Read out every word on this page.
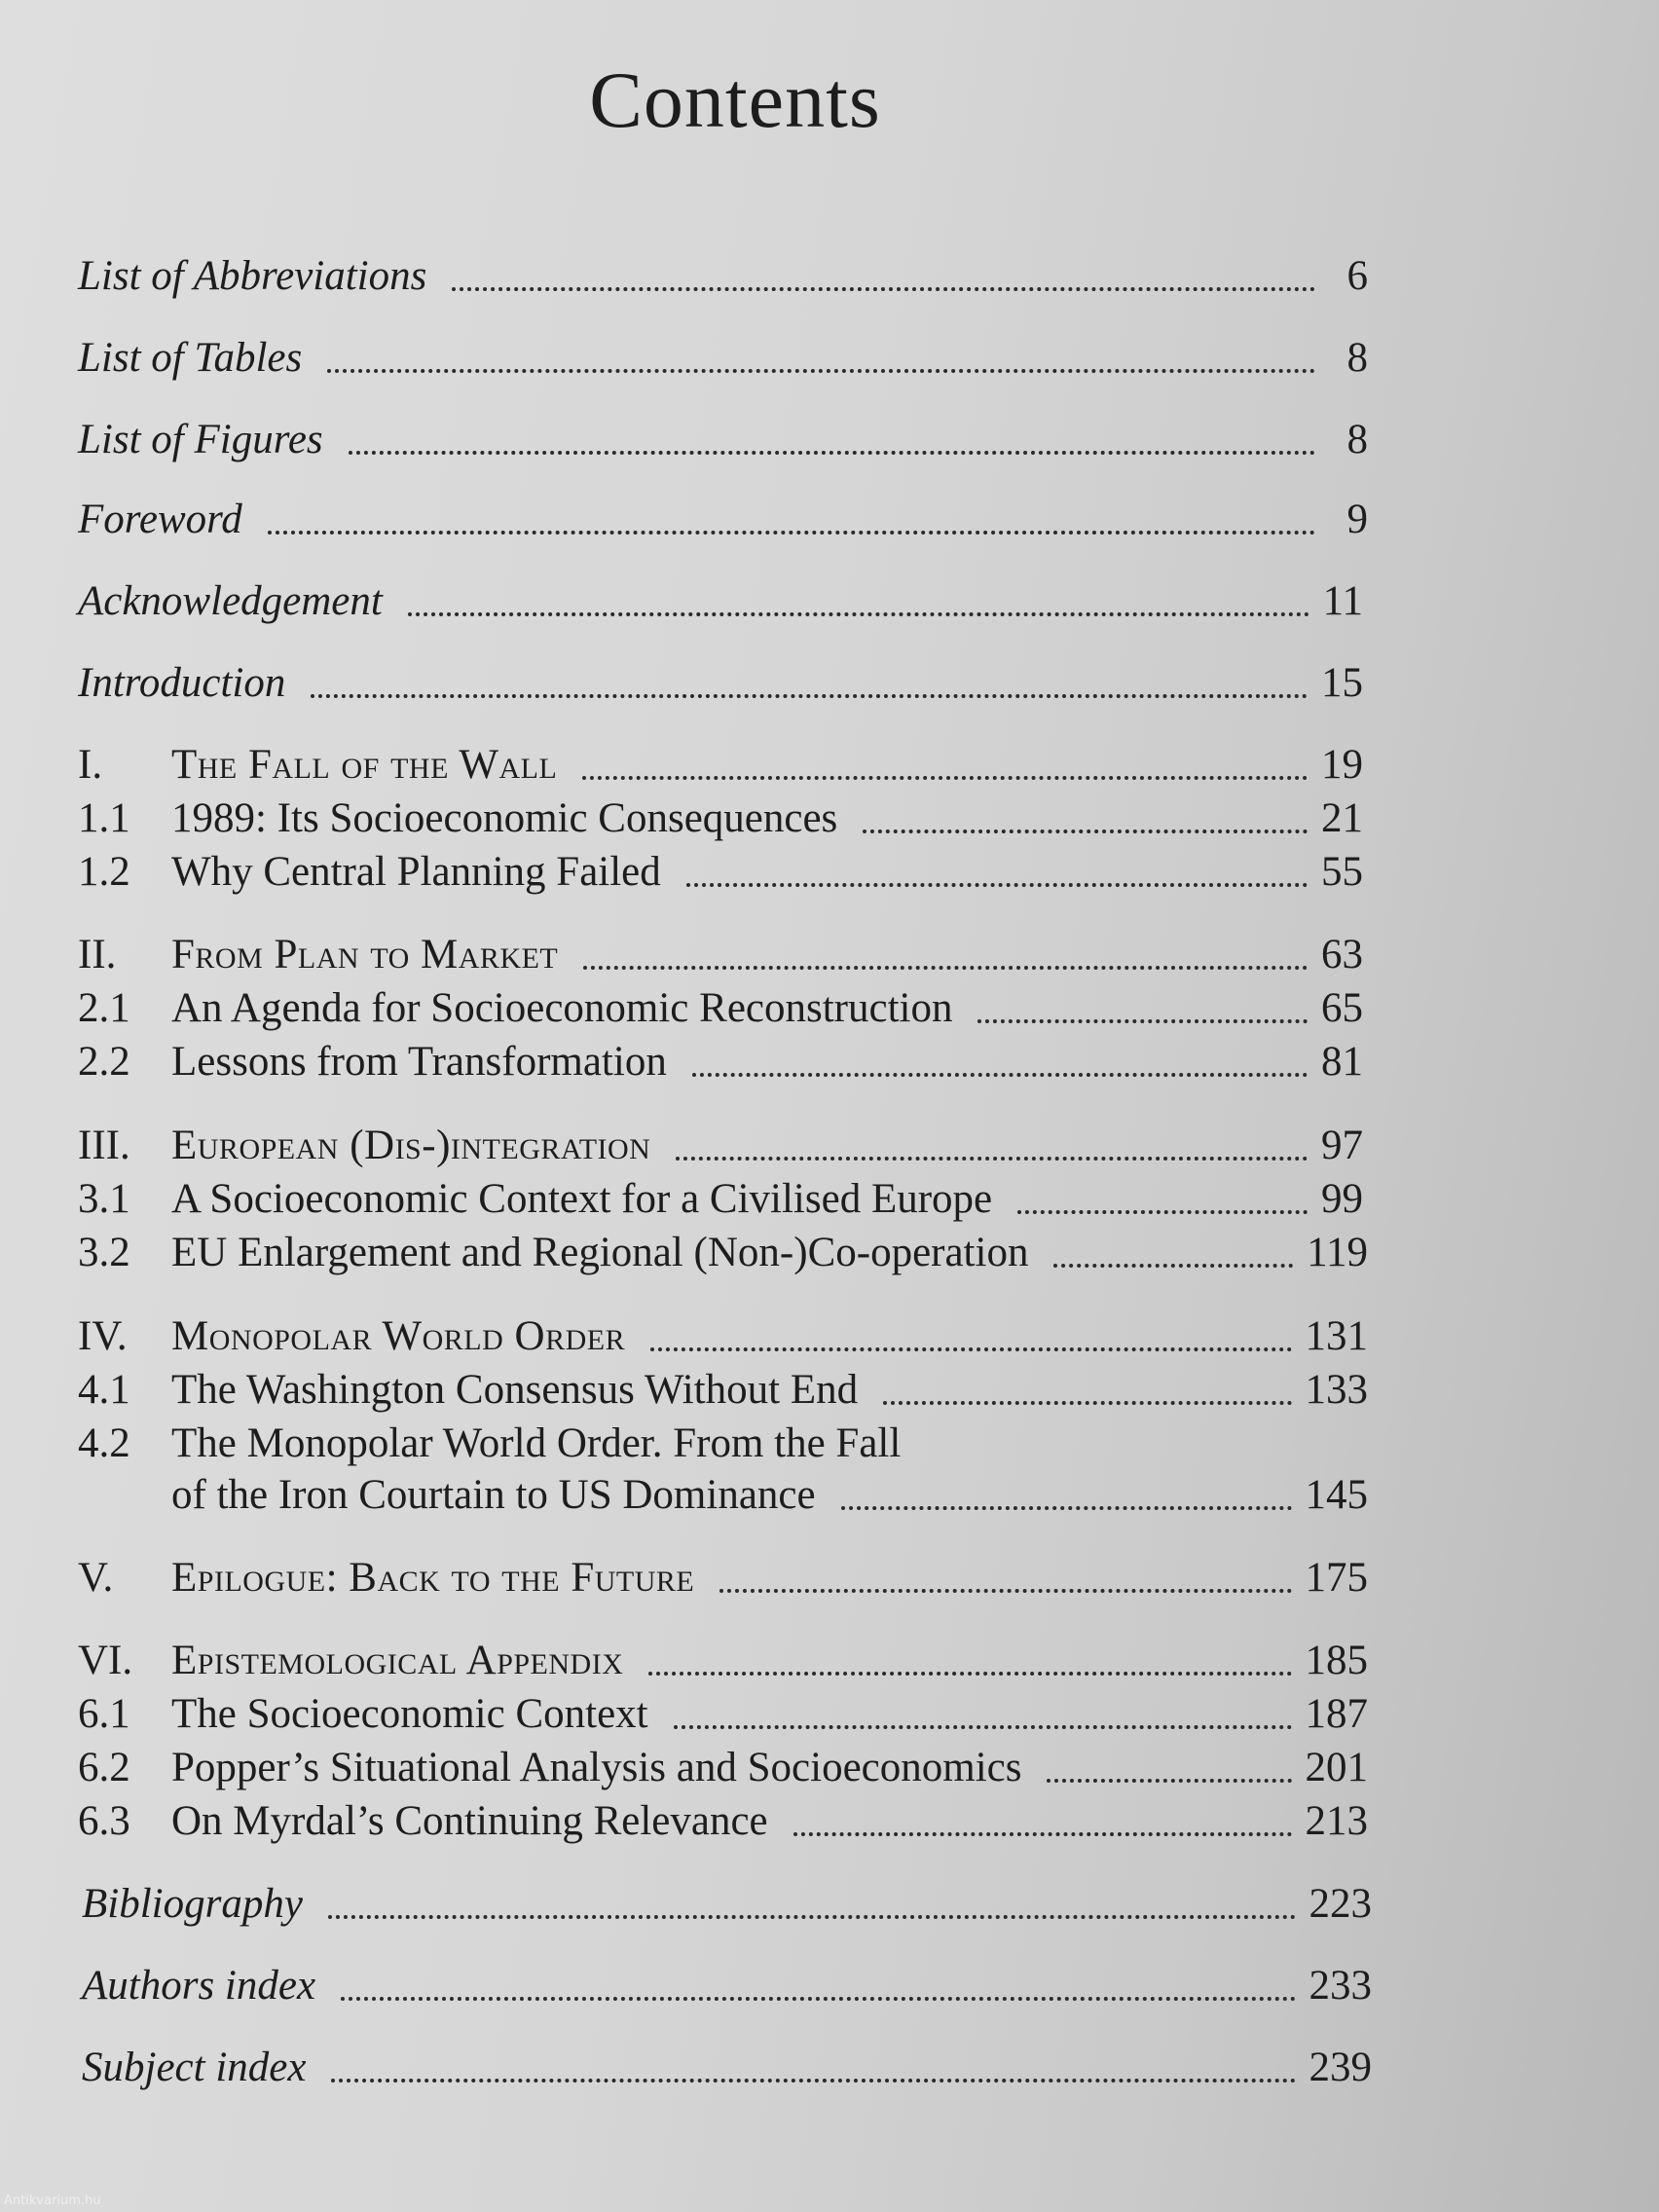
Contents
List of Abbreviations	6
List of Tables	8
List of Figures	8
Foreword	9
Acknowledgement	11
Introduction	15
I.	The Fall of the Wall	19
1.1 1989: Its Socioeconomic Consequences	21
1.2 Why Central Planning Failed	55
II.	From Plan to Market	63
2.1 An Agenda for Socioeconomic Reconstruction	65
2.2 Lessons from Transformation	81
III. European (Dis-)integration	97
3.1 A Socioeconomic Context for a Civilised Europe	99
3.2 EU Enlargement and Regional (Non-)Co-operation	119
IV.	Monopolar World Order	131
4.1 The Washington Consensus Without End	133
4.2 The Monopolar World Order. From the Fall
of the Iron Courtain to US Dominance	145
V.	Epilogue: Back to the Future	175
VI. Epistemological Appendix	185
6.1 The Socioeconomic Context	187
6.2 Popper’s Situational Analysis and Socioeconomics	201
6.3 On Myrdal’s Continuing Relevance	213
Bibliography	223
Authors index	233
Subject index	239
Antikvarium.hu
